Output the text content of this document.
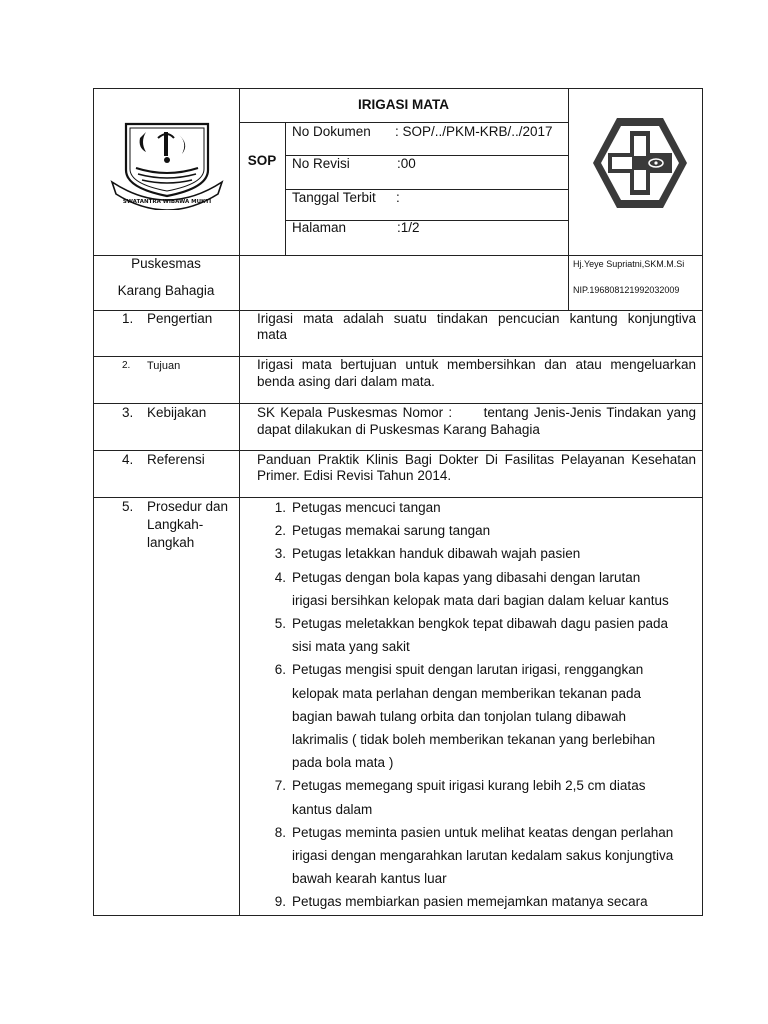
SWATANTRA WIBAWA MUKTI
IRIGASI MATA
SOP
No Dokumen : SOP/../PKM-KRB/../2017
No Revisi	:00
Tanggal Terbit :
Halaman	:1/2
Puskesmas
Karang Bahagia
Hj.Yeye Supriatni,SKM.M.Si
NIP.196808121992032009
1. Pengertian	Irigasi mata adalah suatu tindakan pencucian kantung konjungtiva
mata
2. Tujuan	Irigasi mata bertujuan untuk membersihkan dan atau mengeluarkan
benda asing dari dalam mata.
3. Kebijakan	SK Kepala Puskesmas Nomor :      tentang Jenis-Jenis Tindakan yang
dapat dilakukan di Puskesmas Karang Bahagia
4. Referensi	Panduan Praktik Klinis Bagi Dokter Di Fasilitas Pelayanan Kesehatan
Primer. Edisi Revisi Tahun 2014.
5. Prosedur dan
Langkah-
langkah
1. Petugas mencuci tangan
2. Petugas memakai sarung tangan
3. Petugas letakkan handuk dibawah wajah pasien
4. Petugas dengan bola kapas yang dibasahi dengan larutan
irigasi bersihkan kelopak mata dari bagian dalam keluar kantus
5. Petugas meletakkan bengkok tepat dibawah dagu pasien pada
sisi mata yang sakit
6. Petugas mengisi spuit dengan larutan irigasi, renggangkan
kelopak mata perlahan dengan memberikan tekanan pada
bagian bawah tulang orbita dan tonjolan tulang dibawah
lakrimalis ( tidak boleh memberikan tekanan yang berlebihan
pada bola mata )
7. Petugas memegang spuit irigasi kurang lebih 2,5 cm diatas
kantus dalam
8. Petugas meminta pasien untuk melihat keatas dengan perlahan
irigasi dengan mengarahkan larutan kedalam sakus konjungtiva
bawah kearah kantus luar
9. Petugas membiarkan pasien memejamkan matanya secara
